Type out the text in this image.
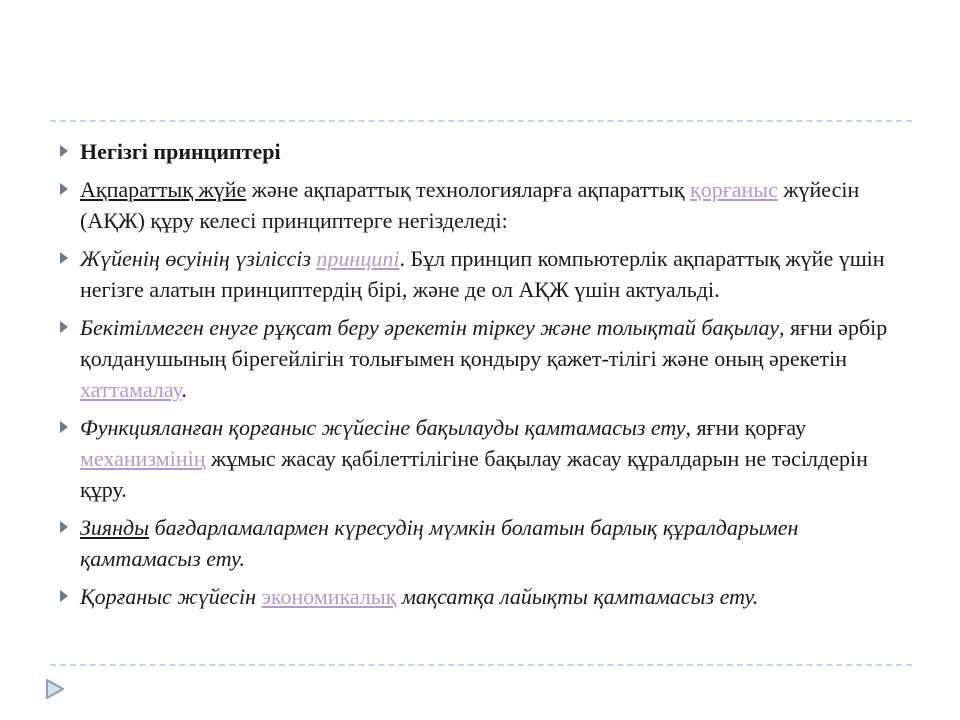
Негізгі принциптері
Ақпараттық жүйе және ақпараттық технологияларға ақпараттық қорғаныс жүйесін (АҚЖ) құру келесі принциптерге негізделеді:
Жүйенің өсуінің үзіліссіз принципі. Бұл принцип компьютерлік ақпараттық жүйе үшін негізге алатын принциптердің бірі, және де ол АҚЖ үшін актуальді.
Бекітілмеген енуге рұқсат беру әрекетін тіркеу және толықтай бақылау, яғни әрбір қолданушының бірегейлігін толығымен қондыру қажет-тілігі және оның әрекетін хаттамалау.
Функцияланған қорғаныс жүйесіне бақылауды қамтамасыз ету, яғни қорғау механизмінің жұмыс жасау қабілеттілігіне бақылау жасау құралдарын не тәсілдерін құру.
Зиянды бағдарламалармен күресудің мүмкін болатын барлық құралдарымен қамтамасыз ету.
Қорғаныс жүйесін экономикалық мақсатқа лайықты қамтамасыз ету.
